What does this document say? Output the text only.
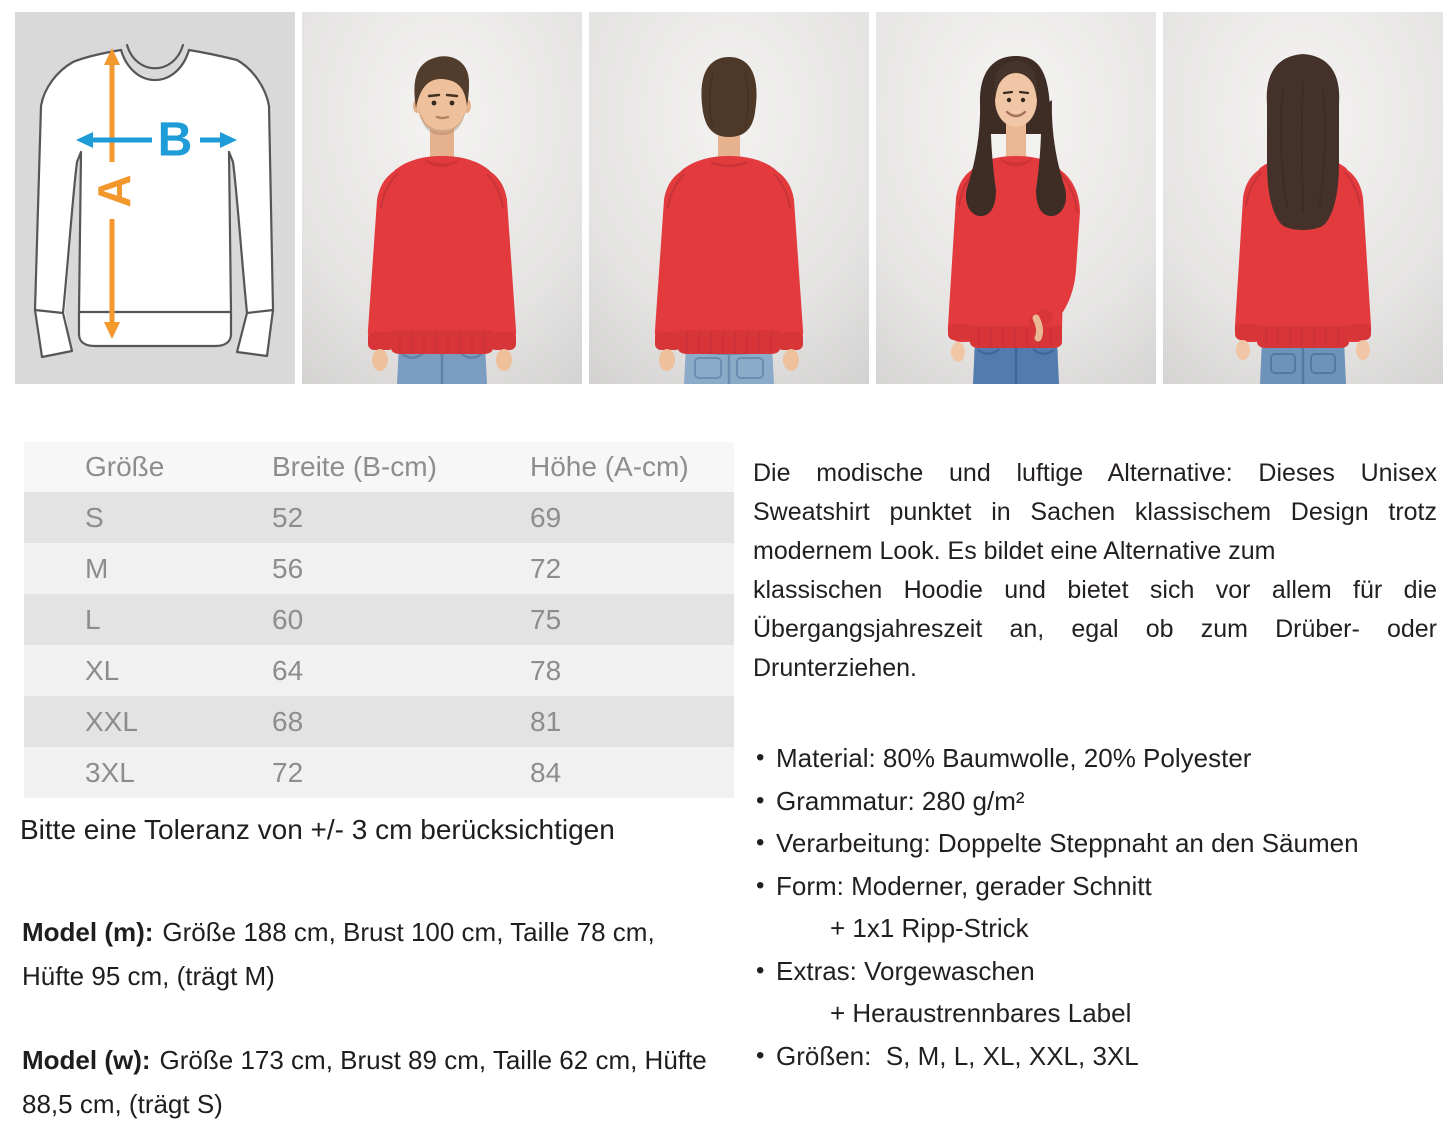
A
B
Größe	Breite (B-cm)	Höhe (A-cm)
S	52	69
M	56	72
L	60	75
XL	64	78
XXL	68	81
3XL	72	84
Bitte eine Toleranz von +/- 3 cm berücksichtigen
Model (m): Größe 188 cm, Brust 100 cm, Taille 78 cm, Hüfte 95 cm, (trägt M)
Model (w): Größe 173 cm, Brust 89 cm, Taille 62 cm, Hüfte 88,5 cm, (trägt S)
Die modische und luftige Alternative: Dieses Unisex
Sweatshirt punktet in Sachen klassischem Design trotz
modernem Look. Es bildet eine Alternative zum
klassischen Hoodie und bietet sich vor allem für die
Übergangsjahreszeit an, egal ob zum Drüber- oder
Drunterziehen.
• Material: 80% Baumwolle, 20% Polyester
• Grammatur: 280 g/m²
• Verarbeitung: Doppelte Steppnaht an den Säumen
• Form: Moderner, gerader Schnitt
+ 1x1 Ripp-Strick
• Extras: Vorgewaschen
+ Heraustrennbares Label
• Größen:  S, M, L, XL, XXL, 3XL
